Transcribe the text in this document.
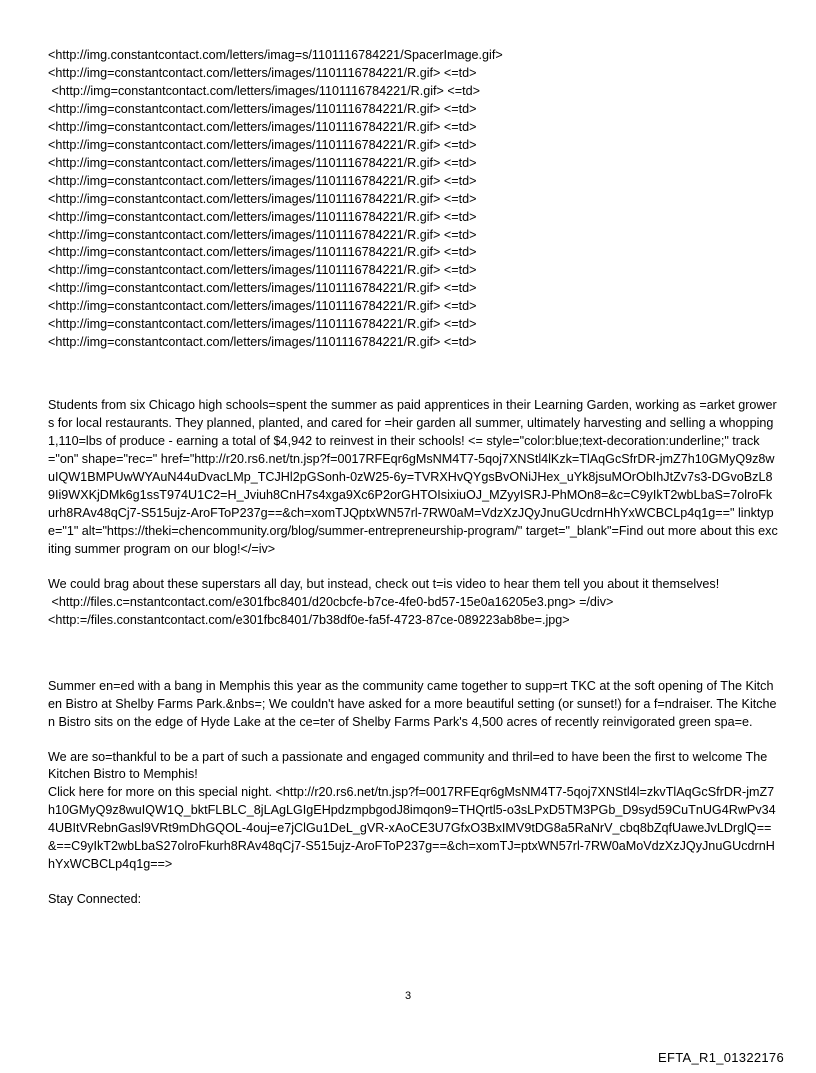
<http://img.constantcontact.com/letters/imag=s/1101116784221/SpacerImage.gif>
<http://img=constantcontact.com/letters/images/1101116784221/R.gif> <=td>
<http://img=constantcontact.com/letters/images/1101116784221/R.gif> <=td>
<http://img=constantcontact.com/letters/images/1101116784221/R.gif> <=td>
<http://img=constantcontact.com/letters/images/1101116784221/R.gif> <=td>
<http://img=constantcontact.com/letters/images/1101116784221/R.gif> <=td>
<http://img=constantcontact.com/letters/images/1101116784221/R.gif> <=td>
<http://img=constantcontact.com/letters/images/1101116784221/R.gif> <=td>
<http://img=constantcontact.com/letters/images/1101116784221/R.gif> <=td>
<http://img=constantcontact.com/letters/images/1101116784221/R.gif> <=td>
<http://img=constantcontact.com/letters/images/1101116784221/R.gif> <=td>
<http://img=constantcontact.com/letters/images/1101116784221/R.gif> <=td>
<http://img=constantcontact.com/letters/images/1101116784221/R.gif> <=td>
<http://img=constantcontact.com/letters/images/1101116784221/R.gif> <=td>
<http://img=constantcontact.com/letters/images/1101116784221/R.gif> <=td>
<http://img=constantcontact.com/letters/images/1101116784221/R.gif> <=td>
<http://img=constantcontact.com/letters/images/1101116784221/R.gif> <=td>
Students from six Chicago high schools=spent the summer as paid apprentices in their Learning Garden, working as =arket growers for local restaurants. They planned, planted, and cared for =heir garden all summer, ultimately harvesting and selling a whopping 1,110=lbs of produce - earning a total of $4,942 to reinvest in their schools! <= style="color:blue;text-decoration:underline;" track="on" shape="rec=" href="http://r20.rs6.net/tn.jsp?f=0017RFEqr6gMsNM4T7-5qoj7XNStl4lKzk=TlAqGcSfrDR-jmZ7h10GMyQ9z8wuIQW1BMPUwWYAuN44uDvacLMp_TCJHl2pGSonh-0zW25-6y=TVRXHvQYgsBvONiJHex_uYk8jsuMOrObIhJtZv7s3-DGvoBzL89Ii9WXKjDMk6g1ssT974U1C2=H_Jviuh8CnH7s4xga9Xc6P2orGHTOIsixiuOJ_MZyyISRJ-PhMOn8=&c=C9yIkT2wbLbaS=7olroFkurh8RAv48qCj7-S515ujz-AroFToP237g==&ch=xomTJQptxWN57rl-7RW0aM=VdzXzJQyJnuGUcdrnHhYxWCBCLp4q1g==" linktype="1" alt="https://theki=chencommunity.org/blog/summer-entrepreneurship-program/" target="_blank"=Find out more about this exciting summer program on our blog!</=iv>
We could brag about these superstars all day, but instead, check out t=is video to hear them tell you about it themselves!
<http://files.c=nstantcontact.com/e301fbc8401/d20cbcfe-b7ce-4fe0-bd57-15e0a16205e3.png> =/div>
<http:=/files.constantcontact.com/e301fbc8401/7b38df0e-fa5f-4723-87ce-089223ab8be=.jpg>
Summer en=ed with a bang in Memphis this year as the community came together to supp=rt TKC at the soft opening of The Kitchen Bistro at Shelby Farms Park.&nbs=; We couldn't have asked for a more beautiful setting (or sunset!) for a f=ndraiser. The Kitchen Bistro sits on the edge of Hyde Lake at the ce=ter of Shelby Farms Park's 4,500 acres of recently reinvigorated green spa=e.
We are so=thankful to be a part of such a passionate and engaged community and thril=ed to have been the first to welcome The Kitchen Bistro to Memphis!
Click here for more on this special night. <http://r20.rs6.net/tn.jsp?f=0017RFEqr6gMsNM4T7-5qoj7XNStl4l=zkvTlAqGcSfrDR-jmZ7h10GMyQ9z8wuIQW1Q_bktFLBLC_8jLAgLGIgEHpdzmpbgodJ8imqon9=THQrtl5-o3sLPxD5TM3PGb_D9syd59CuTnUG4RwPv344UBItVRebnGasl9VRt9mDhGQOL-4ouj=e7jClGu1DeL_gVR-xAoCE3U7GfxO3BxIMV9tDG8a5RaNrV_cbq8bZqfUaweJvLDrglQ==&==C9yIkT2wbLbaS27olroFkurh8RAv48qCj7-S515ujz-AroFToP237g==&ch=xomTJ=ptxWN57rl-7RW0aMoVdzXzJQyJnuGUcdrnHhYxWCBCLp4q1g==>
Stay Connected:
3
EFTA_R1_01322176
